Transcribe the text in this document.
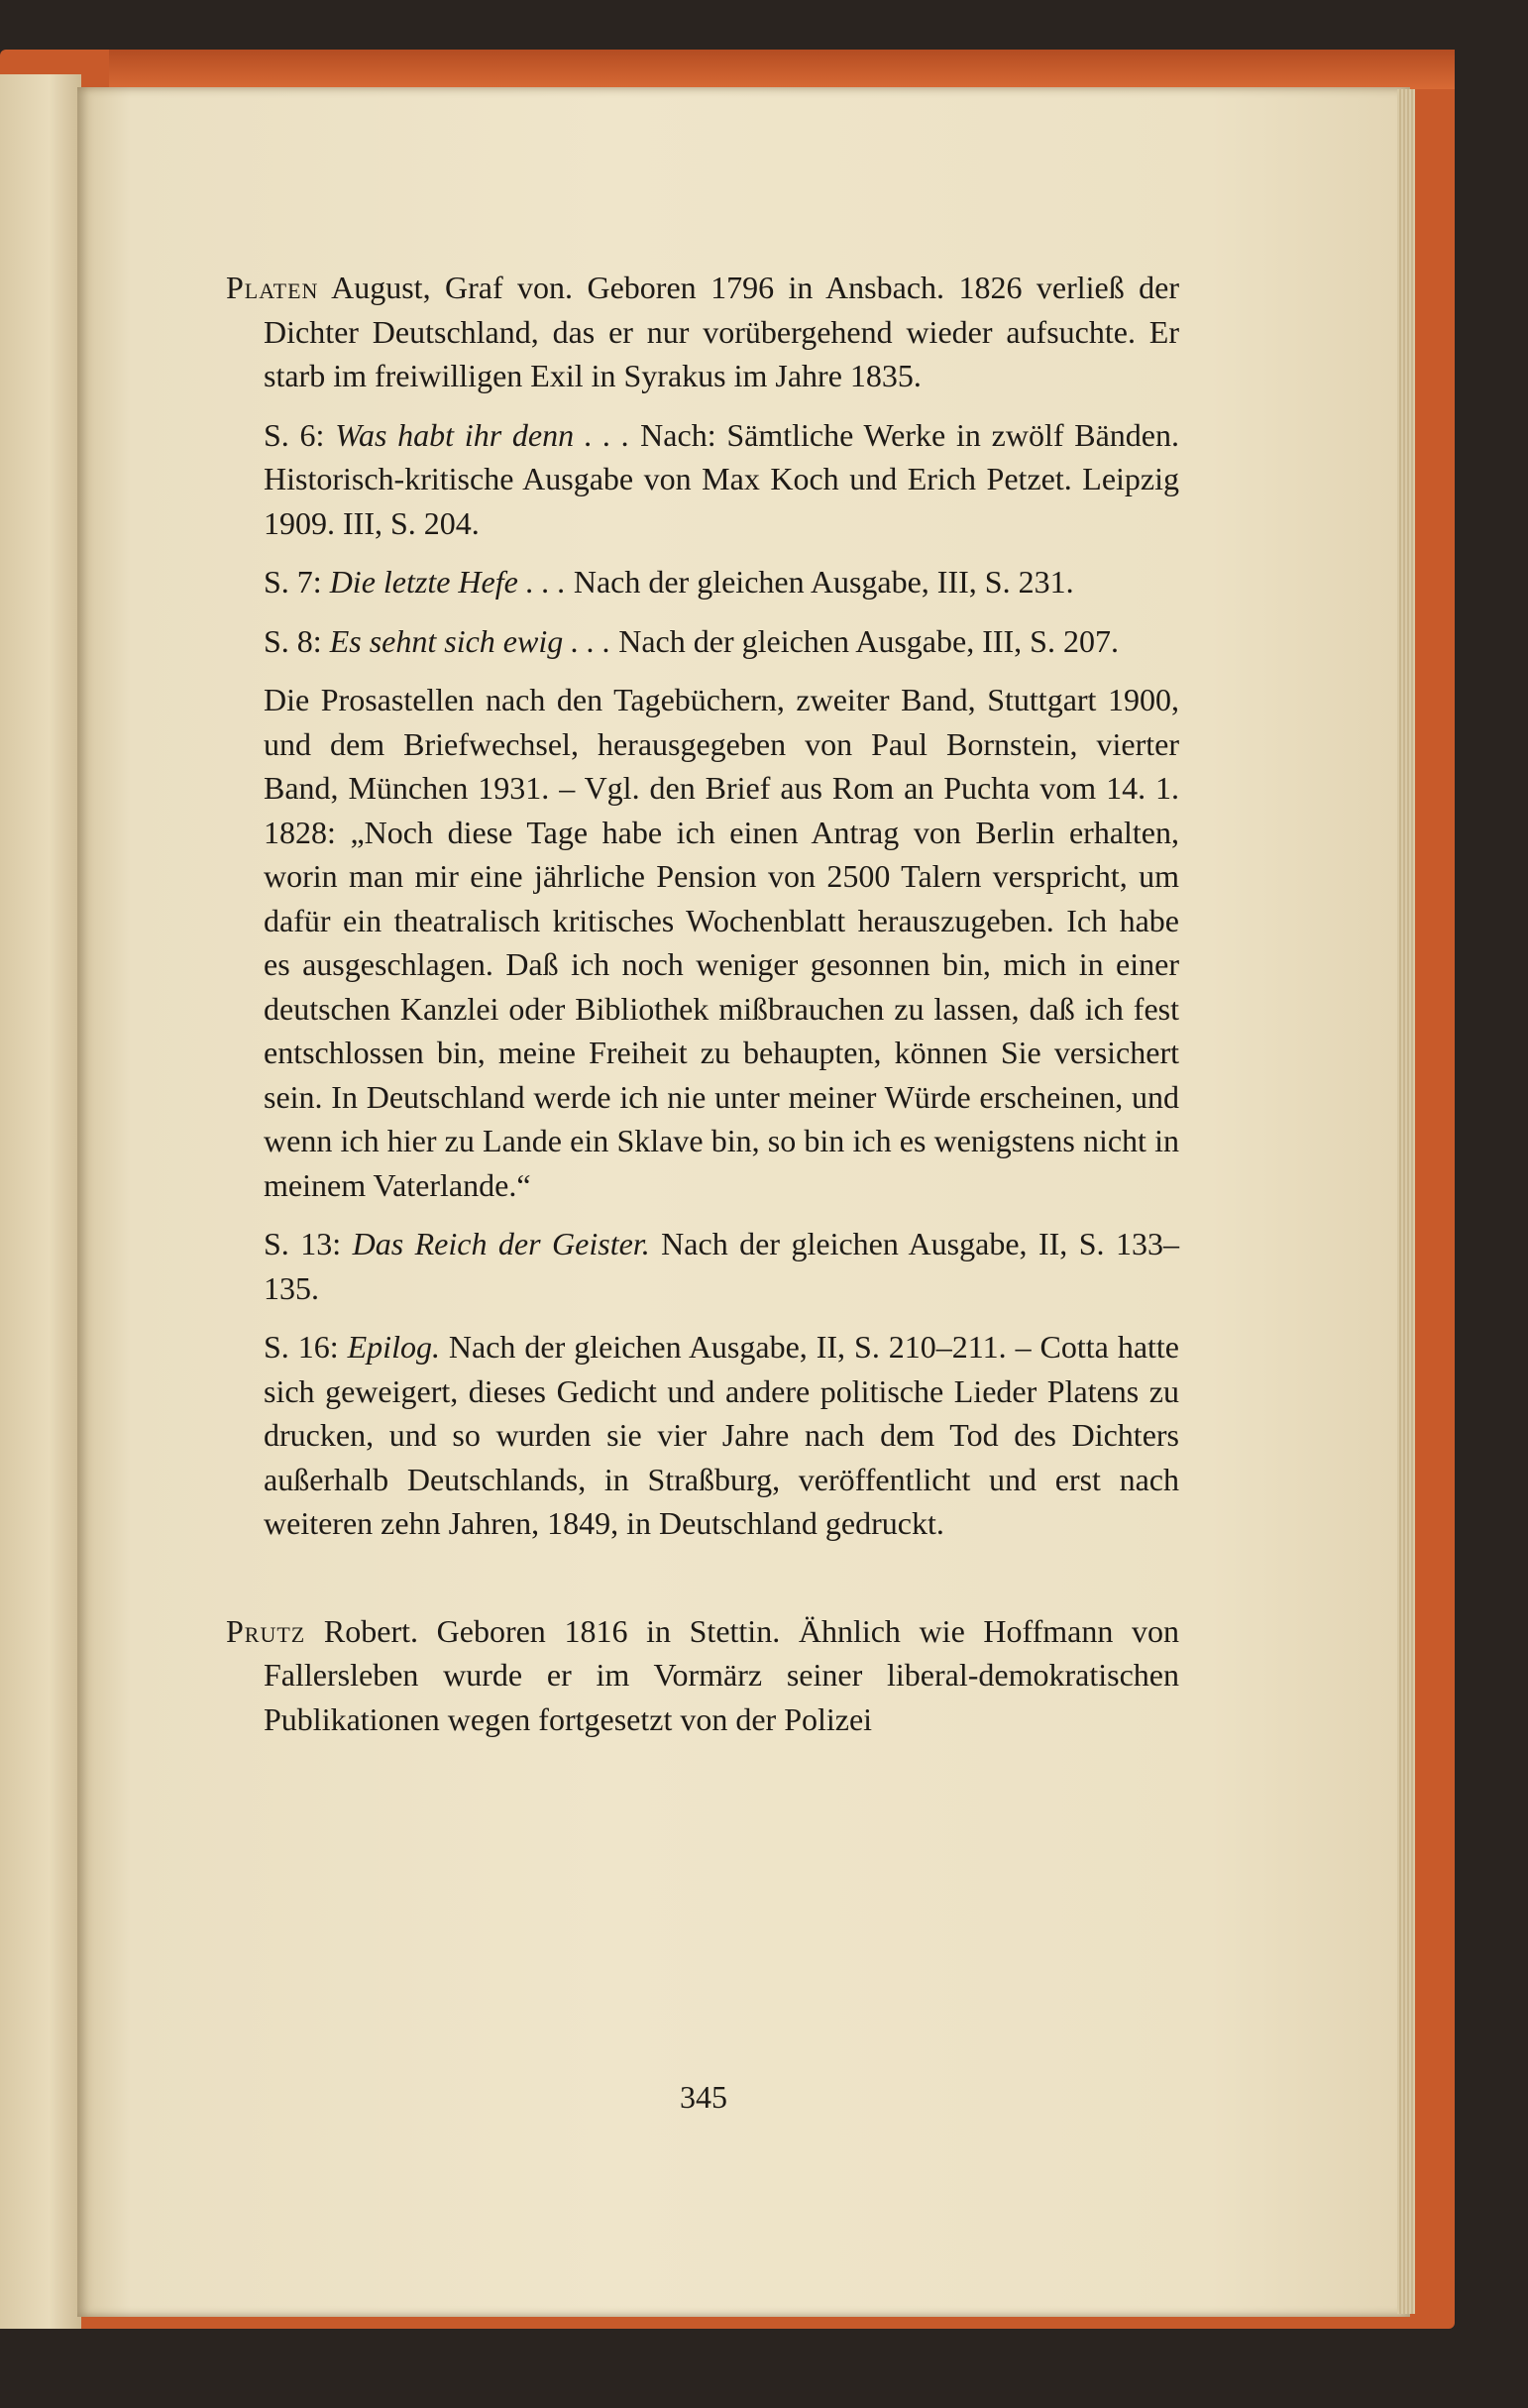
Platen August, Graf von. Geboren 1796 in Ansbach. 1826 verließ der Dichter Deutschland, das er nur vorübergehend wieder aufsuchte. Er starb im freiwilligen Exil in Syrakus im Jahre 1835.

S. 6: Was habt ihr denn . . . Nach: Sämtliche Werke in zwölf Bänden. Historisch-kritische Ausgabe von Max Koch und Erich Petzet. Leipzig 1909. III, S. 204.

S. 7: Die letzte Hefe . . . Nach der gleichen Ausgabe, III, S. 231.

S. 8: Es sehnt sich ewig . . . Nach der gleichen Ausgabe, III, S. 207.

Die Prosastellen nach den Tagebüchern, zweiter Band, Stuttgart 1900, und dem Briefwechsel, herausgegeben von Paul Bornstein, vierter Band, München 1931. – Vgl. den Brief aus Rom an Puchta vom 14. 1. 1828: „Noch diese Tage habe ich einen Antrag von Berlin erhalten, worin man mir eine jährliche Pension von 2500 Talern verspricht, um dafür ein theatralisch kritisches Wochenblatt herauszugeben. Ich habe es ausgeschlagen. Daß ich noch weniger gesonnen bin, mich in einer deutschen Kanzlei oder Bibliothek mißbrauchen zu lassen, daß ich fest entschlossen bin, meine Freiheit zu behaupten, können Sie versichert sein. In Deutschland werde ich nie unter meiner Würde erscheinen, und wenn ich hier zu Lande ein Sklave bin, so bin ich es wenigstens nicht in meinem Vaterlande.“

S. 13: Das Reich der Geister. Nach der gleichen Ausgabe, II, S. 133–135.

S. 16: Epilog. Nach der gleichen Ausgabe, II, S. 210–211. – Cotta hatte sich geweigert, dieses Gedicht und andere politische Lieder Platens zu drucken, und so wurden sie vier Jahre nach dem Tod des Dichters außerhalb Deutschlands, in Straßburg, veröffentlicht und erst nach weiteren zehn Jahren, 1849, in Deutschland gedruckt.

Prutz Robert. Geboren 1816 in Stettin. Ähnlich wie Hoffmann von Fallersleben wurde er im Vormärz seiner liberal-demokratischen Publikationen wegen fortgesetzt von der Polizei

345
